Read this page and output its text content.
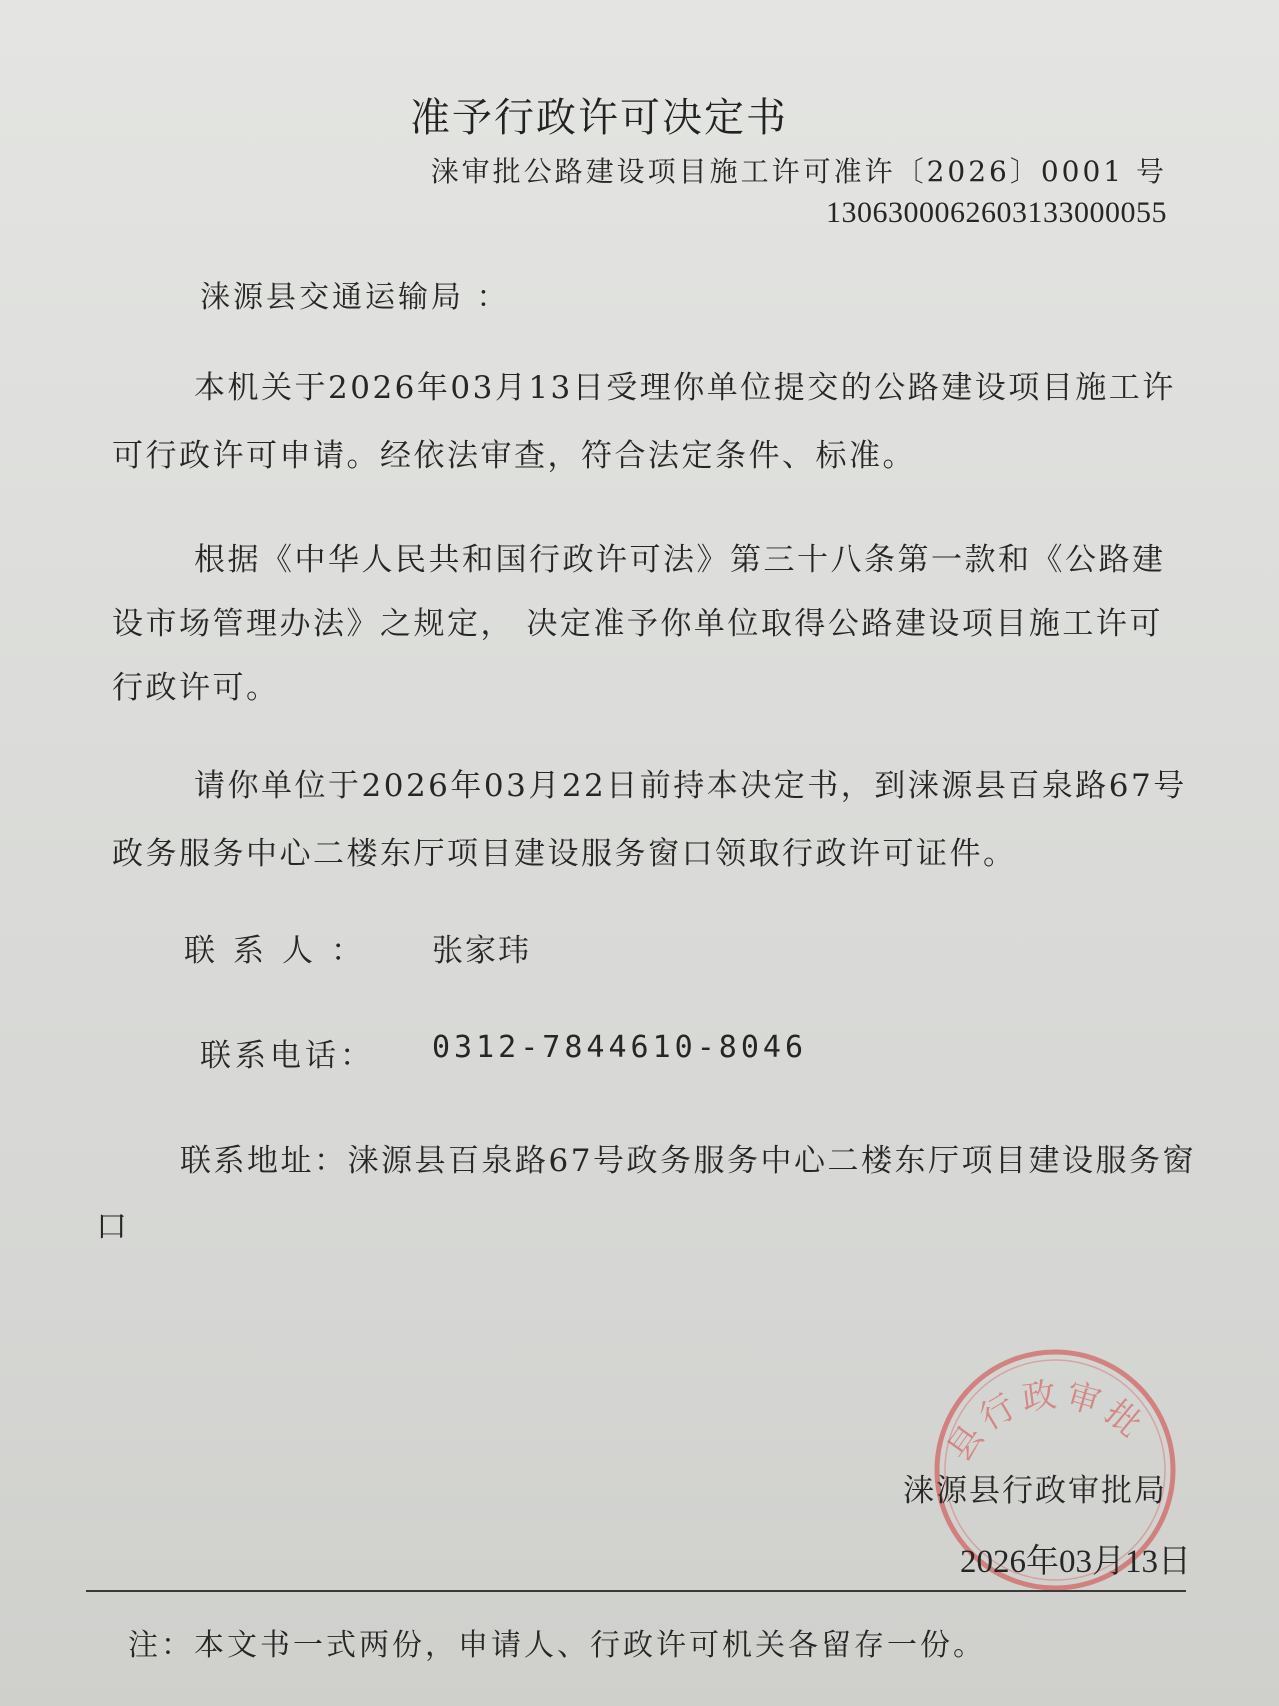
准予行政许可决定书
涞审批公路建设项目施工许可准许〔2026〕0001 号
1306300062603133000055
涞源县交通运输局 ：

本机关于2026年03月13日受理你单位提交的公路建设项目施工许可行政许可申请。经依法审查，符合法定条件、标准。

根据《中华人民共和国行政许可法》第三十八条第一款和《公路建设市场管理办法》之规定， 决定准予你单位取得公路建设项目施工许可行政许可。

请你单位于2026年03月22日前持本决定书，到涞源县百泉路67号政务服务中心二楼东厅项目建设服务窗口领取行政许可证件。

联系人： 张家玮
联系电话： 0312-7844610-8046

联系地址：涞源县百泉路67号政务服务中心二楼东厅项目建设服务窗口

县行政审批
涞源县行政审批局
2026年03月13日
注：本文书一式两份，申请人、行政许可机关各留存一份。
